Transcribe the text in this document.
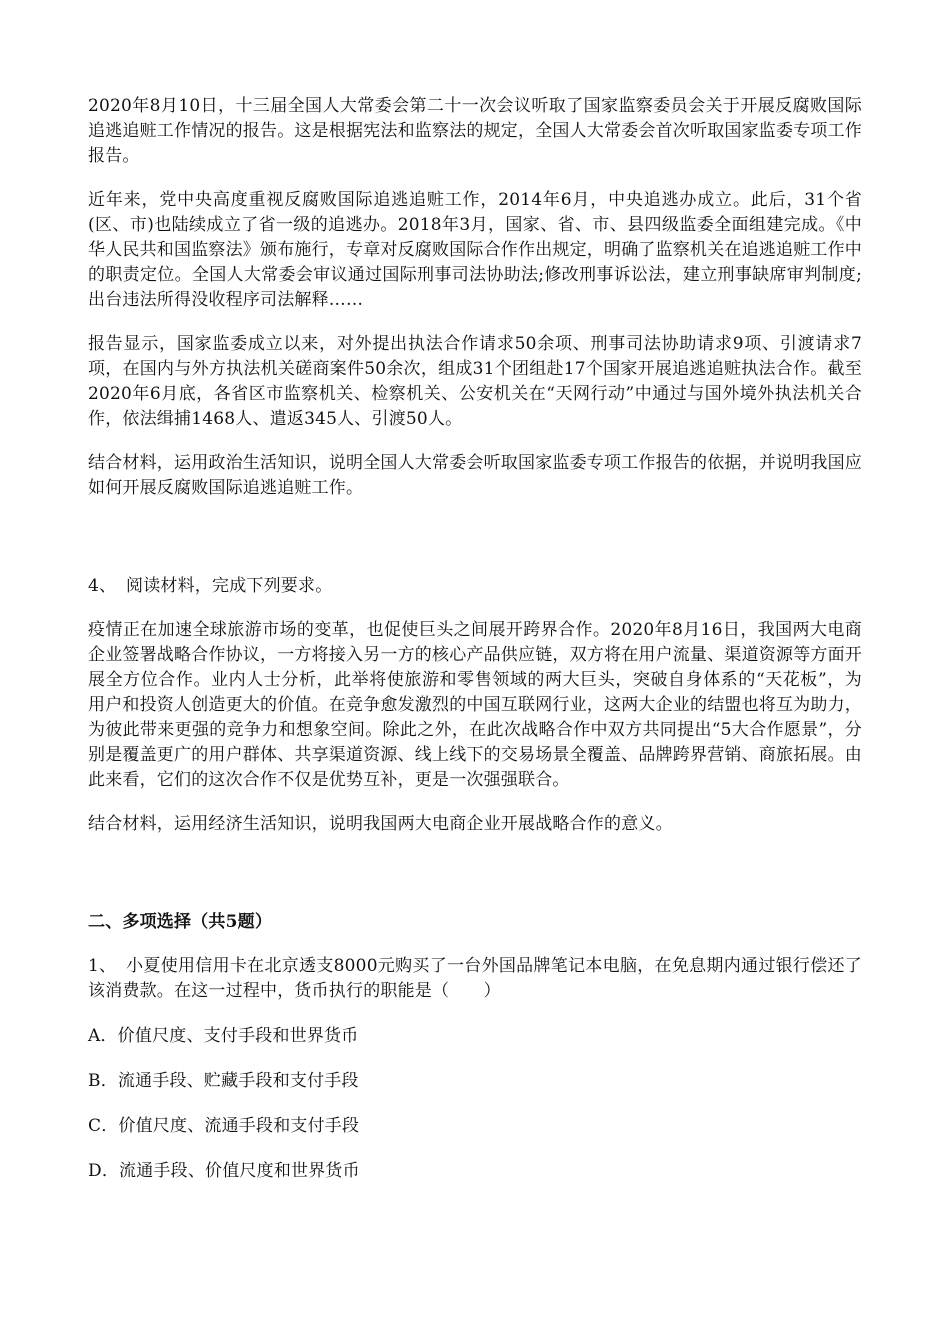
2020年8月10日，十三届全国人大常委会第二十一次会议听取了国家监察委员会关于开展反腐败国际追逃追赃工作情况的报告。这是根据宪法和监察法的规定，全国人大常委会首次听取国家监委专项工作报告。

近年来，党中央高度重视反腐败国际追逃追赃工作，2014年6月，中央追逃办成立。此后，31个省(区、市)也陆续成立了省一级的追逃办。2018年3月，国家、省、市、县四级监委全面组建完成。《中华人民共和国监察法》颁布施行，专章对反腐败国际合作作出规定，明确了监察机关在追逃追赃工作中的职责定位。全国人大常委会审议通过国际刑事司法协助法;修改刑事诉讼法，建立刑事缺席审判制度;出台违法所得没收程序司法解释……

报告显示，国家监委成立以来，对外提出执法合作请求50余项、刑事司法协助请求9项、引渡请求7项，在国内与外方执法机关磋商案件50余次，组成31个团组赴17个国家开展追逃追赃执法合作。截至2020年6月底，各省区市监察机关、检察机关、公安机关在“天网行动”中通过与国外境外执法机关合作，依法缉捕1468人、遣返345人、引渡50人。

结合材料，运用政治生活知识，说明全国人大常委会听取国家监委专项工作报告的依据，并说明我国应如何开展反腐败国际追逃追赃工作。

4、 阅读材料，完成下列要求。

疫情正在加速全球旅游市场的变革，也促使巨头之间展开跨界合作。2020年8月16日，我国两大电商企业签署战略合作协议，一方将接入另一方的核心产品供应链，双方将在用户流量、渠道资源等方面开展全方位合作。业内人士分析，此举将使旅游和零售领域的两大巨头，突破自身体系的“天花板”，为用户和投资人创造更大的价值。在竞争愈发激烈的中国互联网行业，这两大企业的结盟也将互为助力，为彼此带来更强的竞争力和想象空间。除此之外，在此次战略合作中双方共同提出“5大合作愿景”，分别是覆盖更广的用户群体、共享渠道资源、线上线下的交易场景全覆盖、品牌跨界营销、商旅拓展。由此来看，它们的这次合作不仅是优势互补，更是一次强强联合。

结合材料，运用经济生活知识，说明我国两大电商企业开展战略合作的意义。

二、多项选择（共5题）

1、 小夏使用信用卡在北京透支8000元购买了一台外国品牌笔记本电脑，在免息期内通过银行偿还了该消费款。在这一过程中，货币执行的职能是（　　）

A．价值尺度、支付手段和世界货币

B．流通手段、贮藏手段和支付手段

C．价值尺度、流通手段和支付手段

D．流通手段、价值尺度和世界货币
